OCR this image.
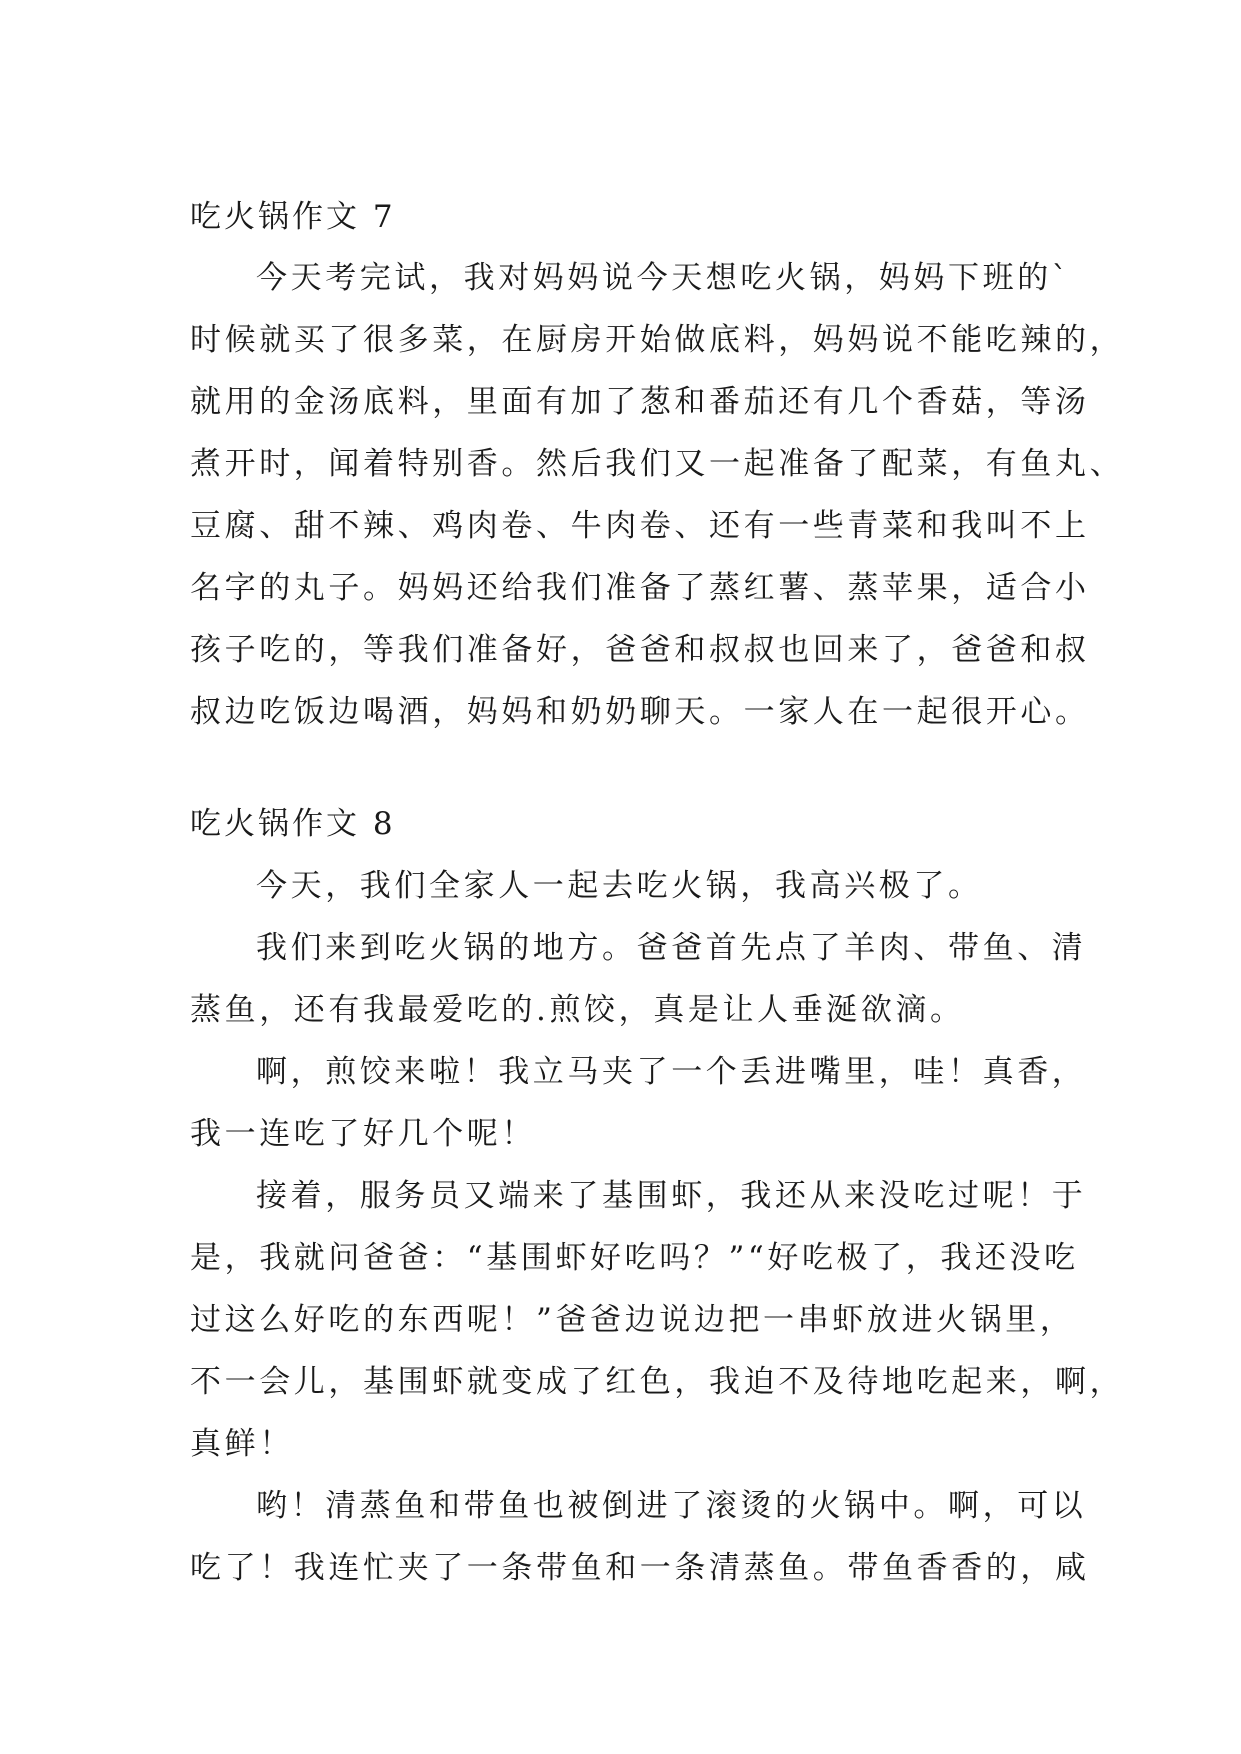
吃火锅作文 7
今天考完试，我对妈妈说今天想吃火锅，妈妈下班的`
时候就买了很多菜，在厨房开始做底料，妈妈说不能吃辣的，
就用的金汤底料，里面有加了葱和番茄还有几个香菇，等汤
煮开时，闻着特别香。然后我们又一起准备了配菜，有鱼丸、
豆腐、甜不辣、鸡肉卷、牛肉卷、还有一些青菜和我叫不上
名字的丸子。妈妈还给我们准备了蒸红薯、蒸苹果，适合小
孩子吃的，等我们准备好，爸爸和叔叔也回来了，爸爸和叔
叔边吃饭边喝酒，妈妈和奶奶聊天。一家人在一起很开心。
吃火锅作文 8
今天，我们全家人一起去吃火锅，我高兴极了。
我们来到吃火锅的地方。爸爸首先点了羊肉、带鱼、清
蒸鱼，还有我最爱吃的.煎饺，真是让人垂涎欲滴。
啊，煎饺来啦！我立马夹了一个丢进嘴里，哇！真香，
我一连吃了好几个呢！
接着，服务员又端来了基围虾，我还从来没吃过呢！于
是，我就问爸爸：“基围虾好吃吗？”“好吃极了，我还没吃
过这么好吃的东西呢！”爸爸边说边把一串虾放进火锅里，
不一会儿，基围虾就变成了红色，我迫不及待地吃起来，啊，
真鲜！
哟！清蒸鱼和带鱼也被倒进了滚烫的火锅中。啊，可以
吃了！我连忙夹了一条带鱼和一条清蒸鱼。带鱼香香的，咸
